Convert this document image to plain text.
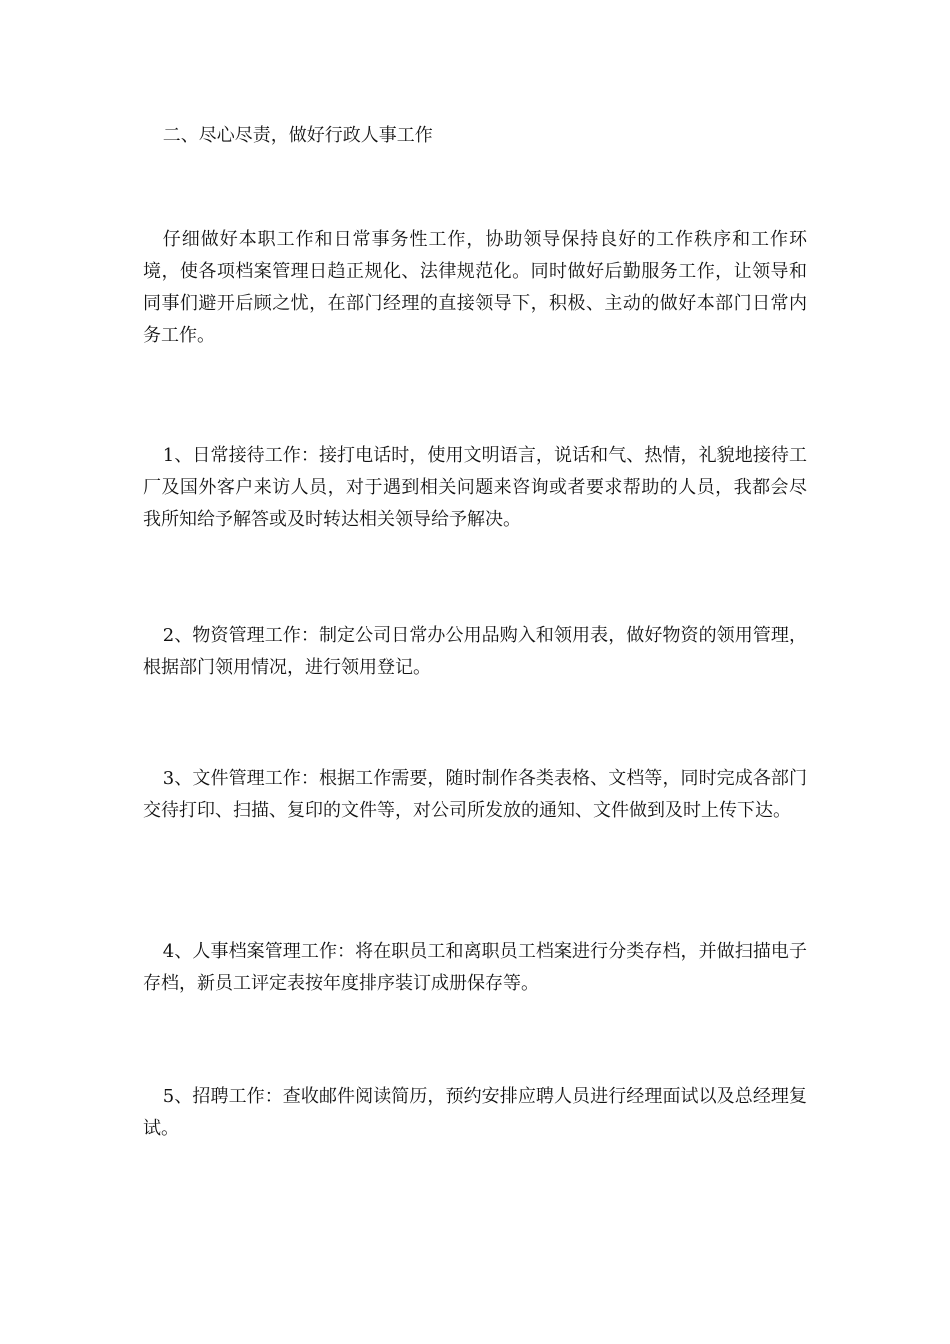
二、尽心尽责，做好行政人事工作

仔细做好本职工作和日常事务性工作，协助领导保持良好的工作秩序和工作环境，使各项档案管理日趋正规化、法律规范化。同时做好后勤服务工作，让领导和同事们避开后顾之忧，在部门经理的直接领导下，积极、主动的做好本部门日常内务工作。

1、日常接待工作：接打电话时，使用文明语言，说话和气、热情，礼貌地接待工厂及国外客户来访人员，对于遇到相关问题来咨询或者要求帮助的人员，我都会尽我所知给予解答或及时转达相关领导给予解决。

2、物资管理工作：制定公司日常办公用品购入和领用表，做好物资的领用管理，根据部门领用情况，进行领用登记。

3、文件管理工作：根据工作需要，随时制作各类表格、文档等，同时完成各部门交待打印、扫描、复印的文件等，对公司所发放的通知、文件做到及时上传下达。

4、人事档案管理工作：将在职员工和离职员工档案进行分类存档，并做扫描电子存档，新员工评定表按年度排序装订成册保存等。

5、招聘工作：查收邮件阅读简历，预约安排应聘人员进行经理面试以及总经理复试。
